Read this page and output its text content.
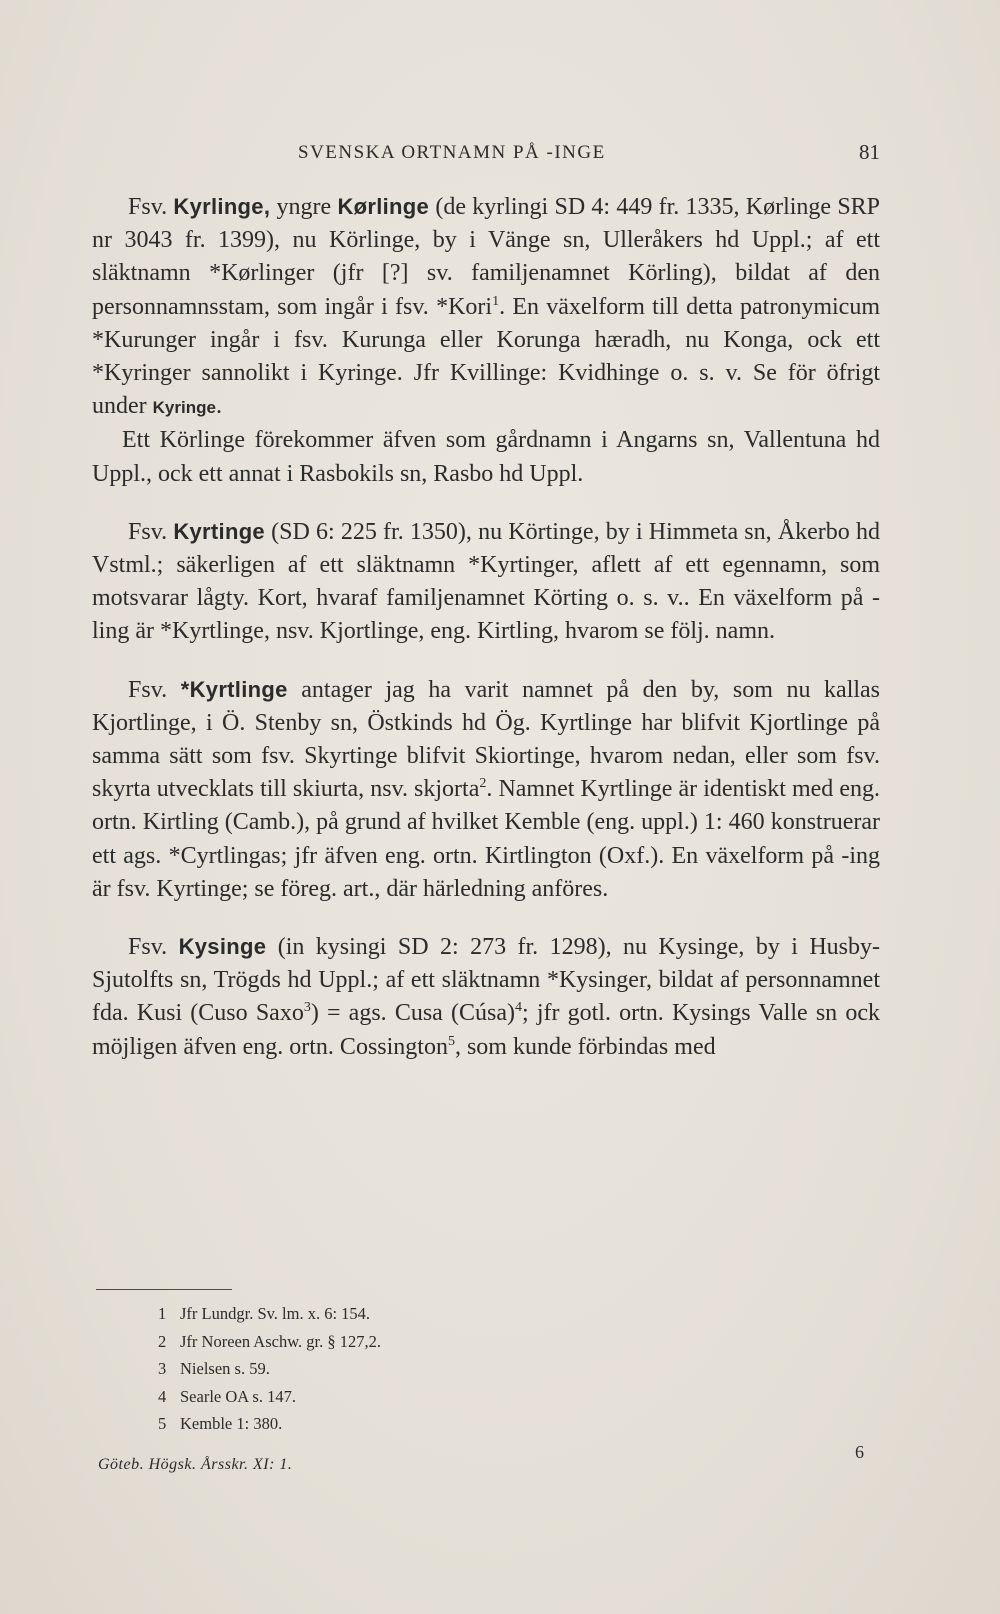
SVENSKA ORTNAMN PÅ -INGE	81

Fsv. Kyrlinge, yngre Kørlinge (de kyrlingi SD 4: 449 fr. 1335, Kørlinge SRP nr 3043 fr. 1399), nu Körlinge, by i Vänge sn, Ulleråkers hd Uppl.; af ett släktnamn *Kørlinger (jfr [?] sv. familjenamnet Körling), bildat af den personnamnsstam, som ingår i fsv. *Kori$^1$. En växelform till detta patronymicum *Kurunger ingår i fsv. Kurunga eller Korunga hæradh, nu Konga, ock ett *Kyringer sannolikt i Kyringe. Jfr Kvillinge: Kvidhinge o. s. v. Se för öfrigt under Kyringe.

Ett Körlinge förekommer äfven som gårdnamn i Angarns sn, Vallentuna hd Uppl., ock ett annat i Rasbokils sn, Rasbo hd Uppl.

Fsv. Kyrtinge (SD 6: 225 fr. 1350), nu Körtinge, by i Himmeta sn, Åkerbo hd Vstml.; säkerligen af ett släktnamn *Kyrtinger, aflett af ett egennamn, som motsvarar lågty. Kort, hvaraf familjenamnet Körting o. s. v.. En växelform på -ling är *Kyrtlinge, nsv. Kjortlinge, eng. Kirtling, hvarom se följ. namn.

Fsv. *Kyrtlinge antager jag ha varit namnet på den by, som nu kallas Kjortlinge, i Ö. Stenby sn, Östkinds hd Ög. Kyrtlinge har blifvit Kjortlinge på samma sätt som fsv. Skyrtinge blifvit Skiortinge, hvarom nedan, eller som fsv. skyrta utvecklats till skiurta, nsv. skjorta$^2$. Namnet Kyrtlinge är identiskt med eng. ortn. Kirtling (Camb.), på grund af hvilket Kemble (eng. uppl.) 1: 460 konstruerar ett ags. *Cyrtlingas; jfr äfven eng. ortn. Kirtlington (Oxf.). En växelform på -ing är fsv. Kyrtinge; se föreg. art., där härledning anföres.

Fsv. Kysinge (in kysingi SD 2: 273 fr. 1298), nu Kysinge, by i Husby-Sjutolfts sn, Trögds hd Uppl.; af ett släktnamn *Kysinger, bildat af personnamnet fda. Kusi (Cuso Saxo$^3$) = ags. Cusa (Cúsa)$^4$; jfr gotl. ortn. Kysings Valle sn ock möjligen äfven eng. ortn. Cossington$^5$, som kunde förbindas med

1 Jfr Lundgr. Sv. lm. x. 6: 154.
2 Jfr Noreen Aschw. gr. § 127,2.
3 Nielsen s. 59.
4 Searle OA s. 147.
5 Kemble 1: 380.
Göteb. Högsk. Årsskr. XI: 1.
6
